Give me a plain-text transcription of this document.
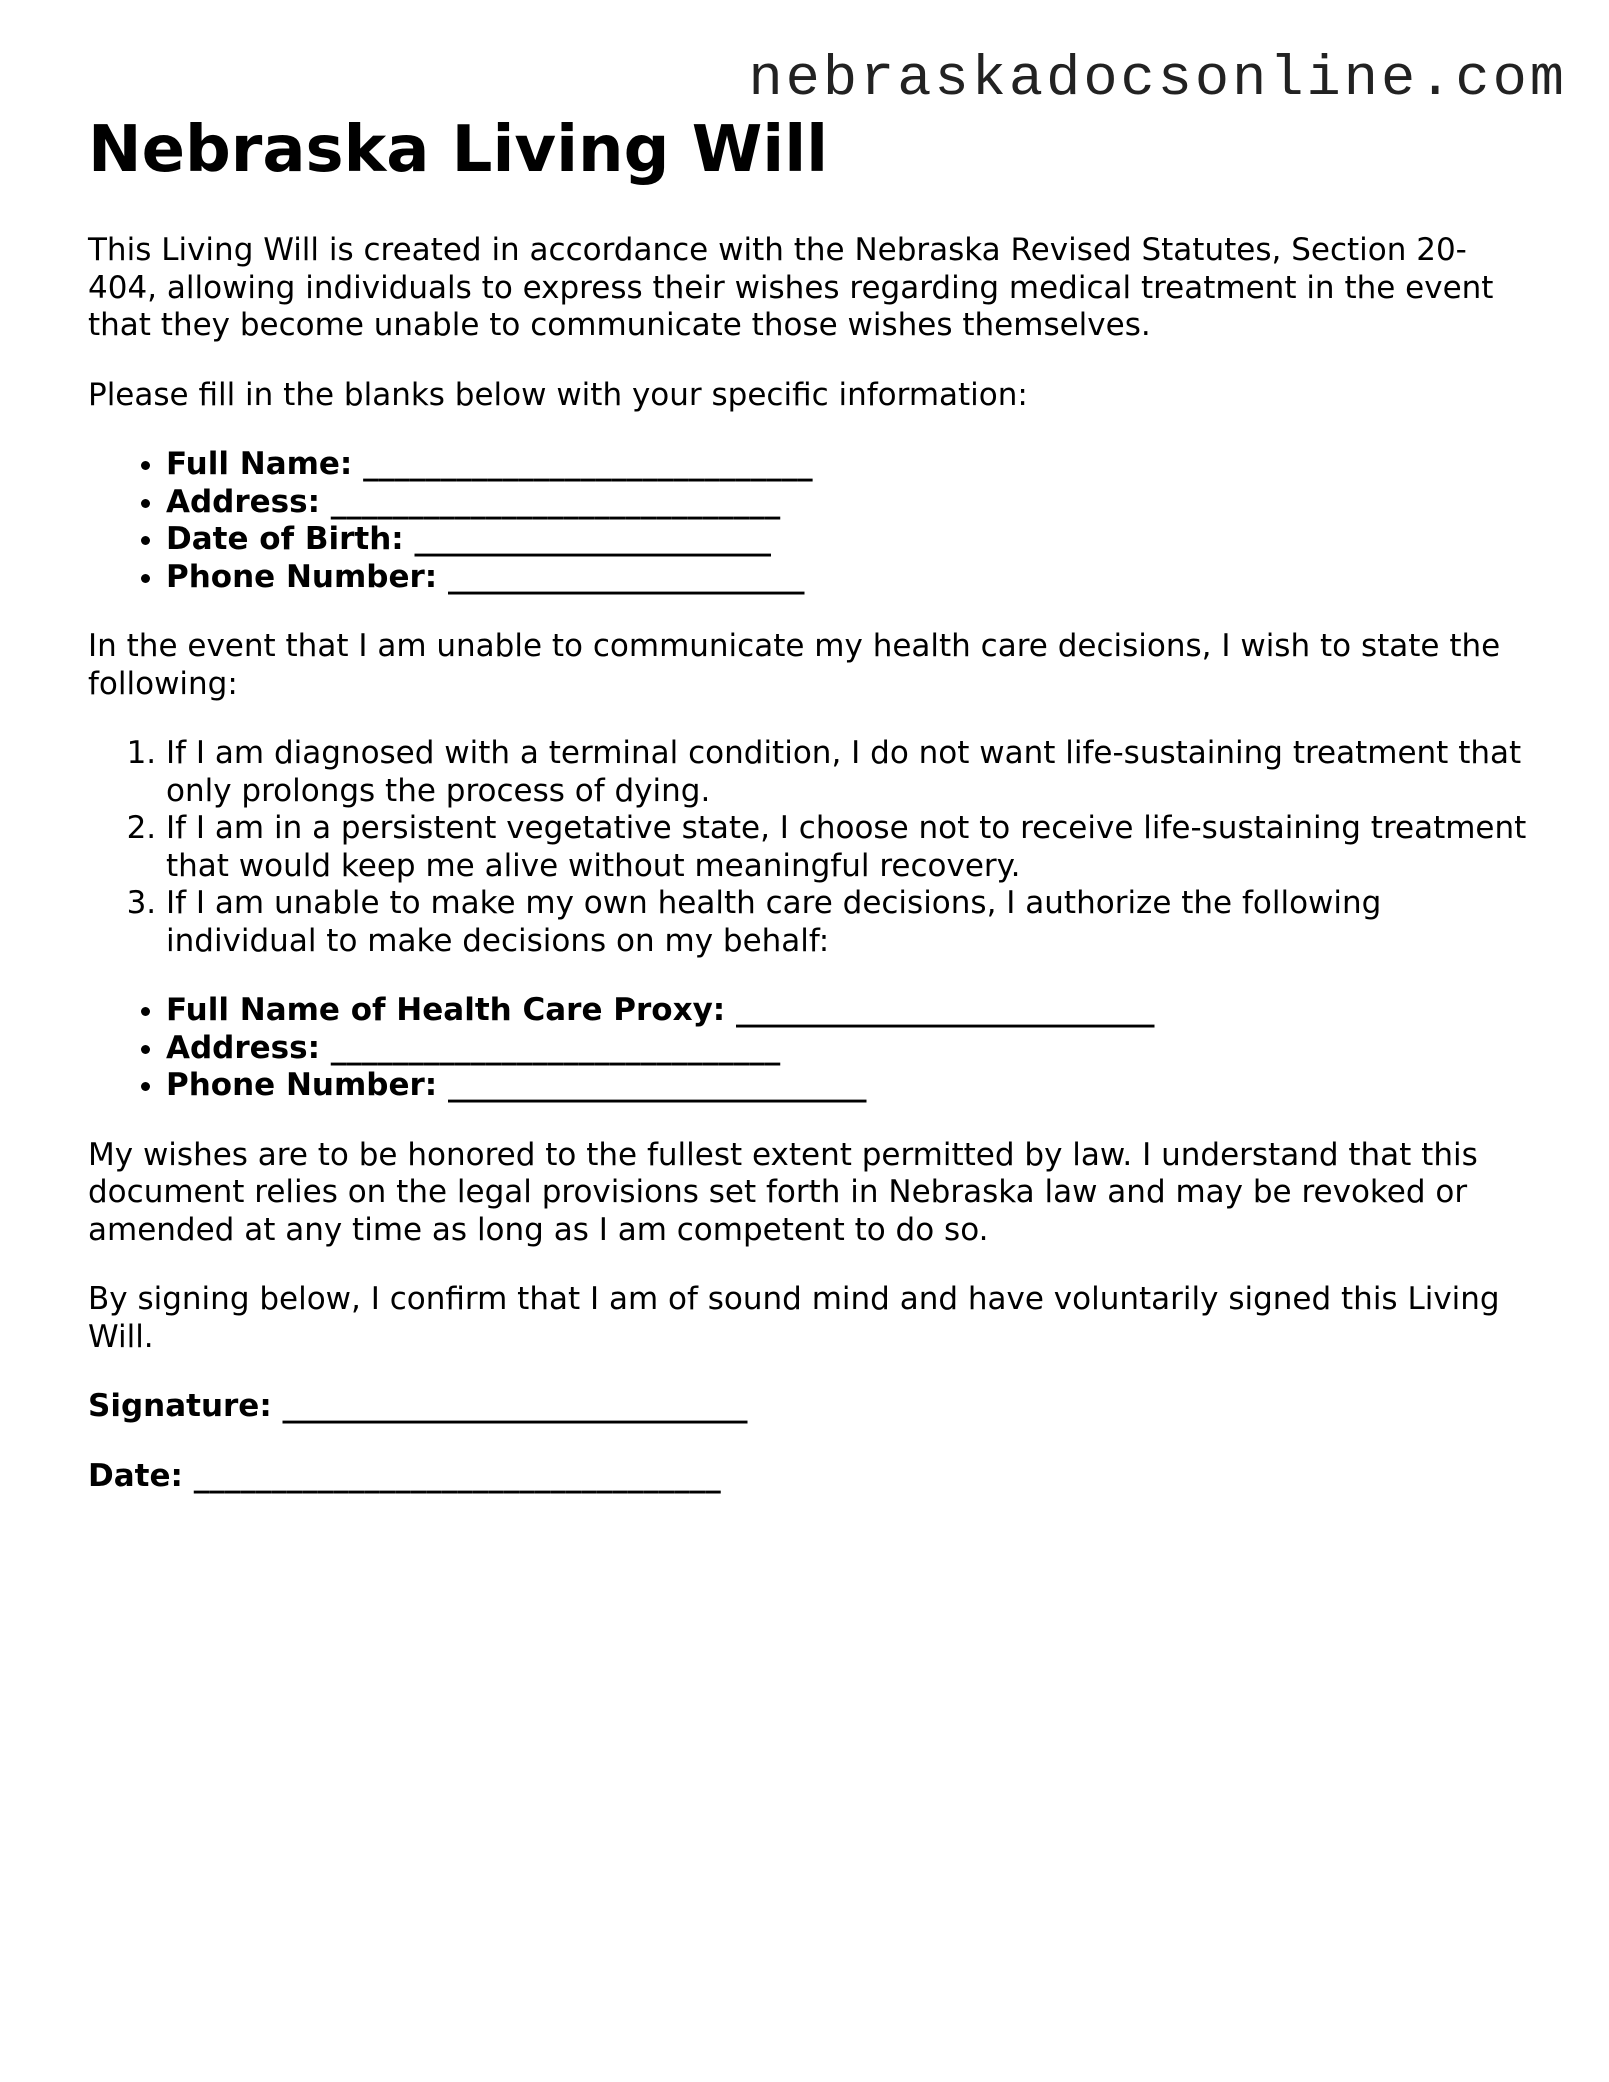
nebraskadocsonline.com
Nebraska Living Will

This Living Will is created in accordance with the Nebraska Revised Statutes, Section 20-404, allowing individuals to express their wishes regarding medical treatment in the event that they become unable to communicate those wishes themselves.

Please fill in the blanks below with your specific information:

• Full Name: _____________________________
• Address: _____________________________
• Date of Birth: _______________________
• Phone Number: _______________________

In the event that I am unable to communicate my health care decisions, I wish to state the following:

1. If I am diagnosed with a terminal condition, I do not want life-sustaining treatment that only prolongs the process of dying.
2. If I am in a persistent vegetative state, I choose not to receive life-sustaining treatment that would keep me alive without meaningful recovery.
3. If I am unable to make my own health care decisions, I authorize the following individual to make decisions on my behalf:
• Full Name of Health Care Proxy: ___________________________
• Address: _____________________________
• Phone Number: ___________________________

My wishes are to be honored to the fullest extent permitted by law. I understand that this document relies on the legal provisions set forth in Nebraska law and may be revoked or amended at any time as long as I am competent to do so.

By signing below, I confirm that I am of sound mind and have voluntarily signed this Living Will.

Signature: ______________________________

Date: __________________________________
